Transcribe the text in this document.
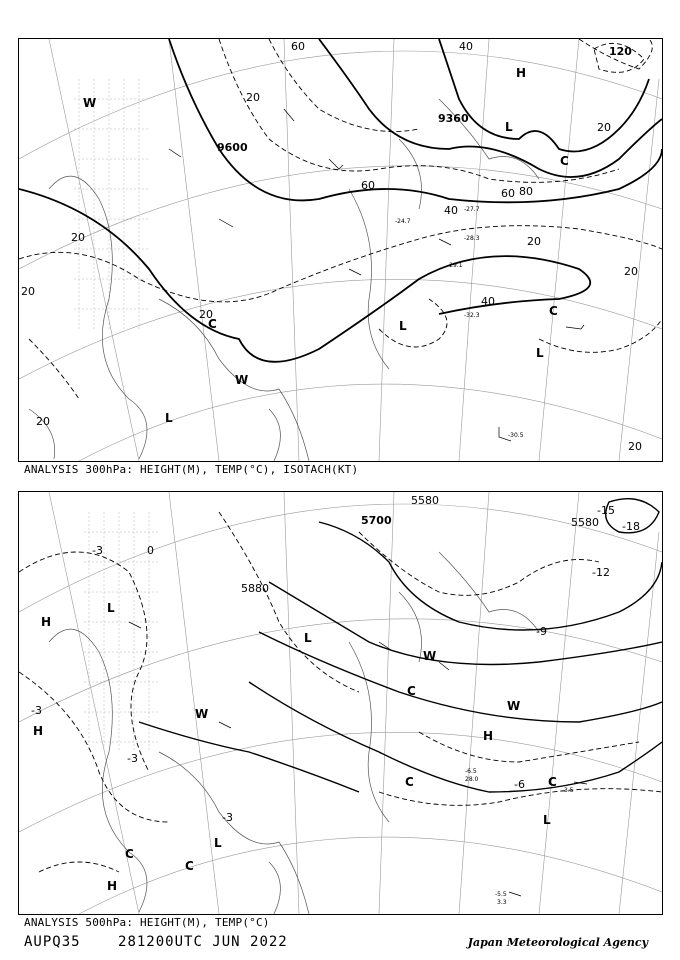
9360
9600
60	40
20
60
40
60 80
20
40
20
20
20
20
20
20
20
120
H
L
L
L
L
C
C
W
W
C
-30.5
-32.3
-29.1
-28.3
-27.7
-24.7
ANALYSIS 300hPa: HEIGHT(M), TEMP(°C), ISOTACH(KT)
5700
5580
5880
5580
-3	0
-3
-3
-3
-6
-9
-12
-15
-18
H
H	H
H
L
L
L
L
C
C
C
C	C
W
W
W
-5.5
3.3
-6.5
28.0
3.5
ANALYSIS 500hPa: HEIGHT(M), TEMP(°C)
AUPQ35	281200UTC JUN 2022	Japan Meteorological Agency
